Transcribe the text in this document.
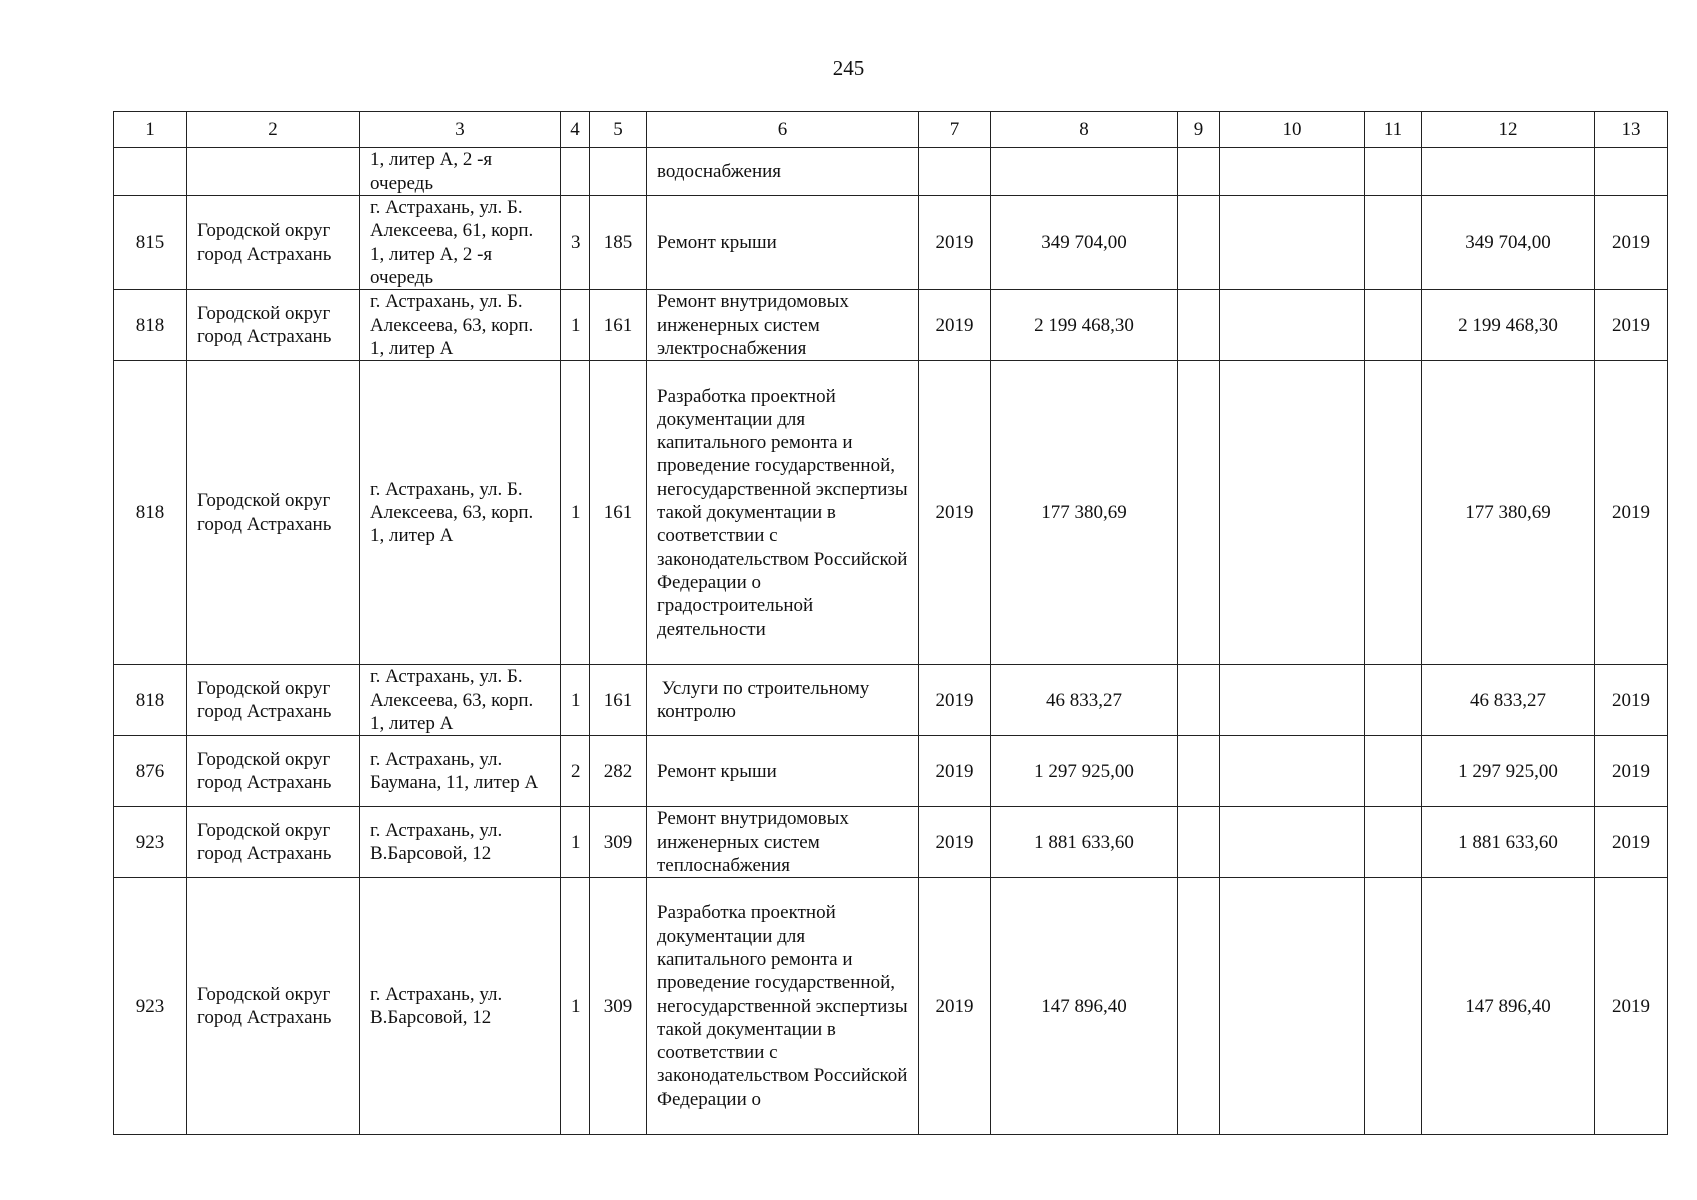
245
1	2	3	4	5	6	7	8	9	10	11	12	13
		1, литер А, 2 -я очередь			водоснабжения							
815	Городской округ город Астрахань	г. Астрахань, ул. Б. Алексеева, 61, корп. 1, литер А, 2 -я очередь	3	185	Ремонт крыши	2019	349 704,00				349 704,00	2019
818	Городской округ город Астрахань	г. Астрахань, ул. Б. Алексеева, 63, корп. 1, литер А	1	161	Ремонт внутридомовых инженерных систем электроснабжения	2019	2 199 468,30				2 199 468,30	2019
818	Городской округ город Астрахань	г. Астрахань, ул. Б. Алексеева, 63, корп. 1, литер А	1	161	Разработка проектной документации для капитального ремонта и проведение государственной, негосударственной экспертизы такой документации в соответствии с законодательством Российской Федерации о градостроительной деятельности	2019	177 380,69				177 380,69	2019
818	Городской округ город Астрахань	г. Астрахань, ул. Б. Алексеева, 63, корп. 1, литер А	1	161	Услуги по строительному контролю	2019	46 833,27				46 833,27	2019
876	Городской округ город Астрахань	г. Астрахань, ул. Баумана, 11, литер А	2	282	Ремонт крыши	2019	1 297 925,00				1 297 925,00	2019
923	Городской округ город Астрахань	г. Астрахань, ул. В.Барсовой, 12	1	309	Ремонт внутридомовых инженерных систем теплоснабжения	2019	1 881 633,60				1 881 633,60	2019
923	Городской округ город Астрахань	г. Астрахань, ул. В.Барсовой, 12	1	309	Разработка проектной документации для капитального ремонта и проведение государственной, негосударственной экспертизы такой документации в соответствии с законодательством Российской Федерации о	2019	147 896,40				147 896,40	2019
